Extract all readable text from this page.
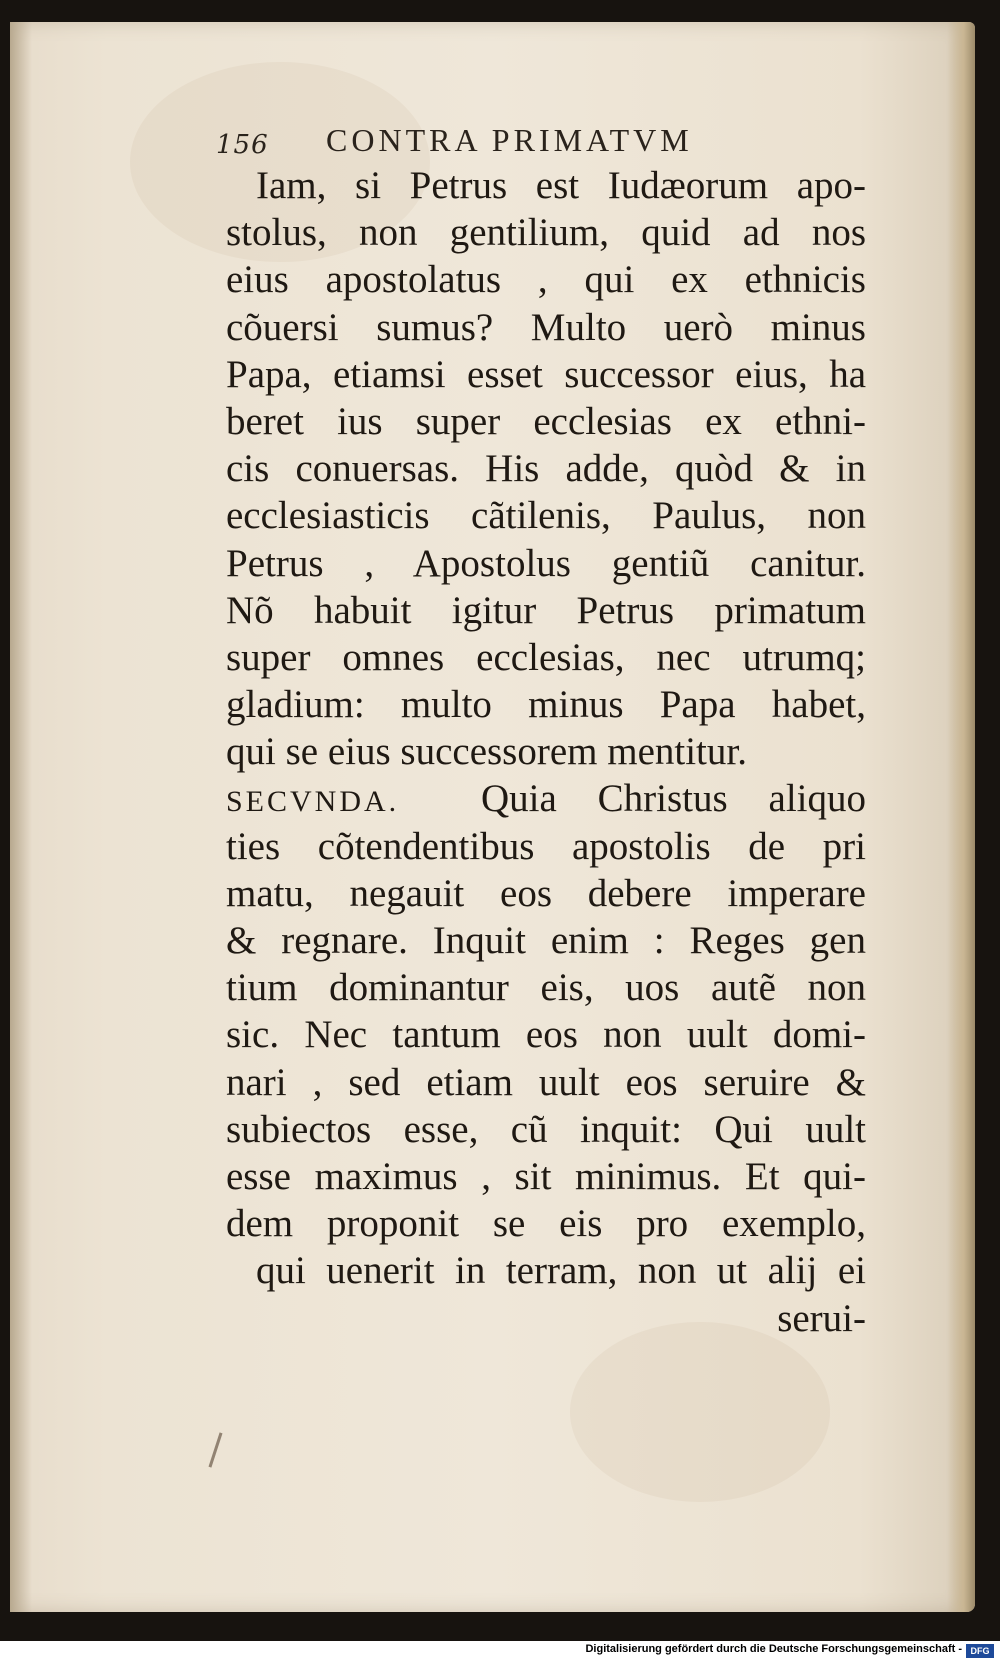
156 CONTRA PRIMATVM
Iam, si Petrus est Iudæorum apo-
stolus, non gentilium, quid ad nos
eius apostolatus , qui ex ethnicis
cõuersi sumus? Multo uerò minus
Papa, etiamsi esset successor eius, ha
beret ius super ecclesias ex ethni-
cis conuersas. His adde, quòd & in
ecclesiasticis cãtilenis, Paulus, non
Petrus , Apostolus gentiũ canitur.
Nõ habuit igitur Petrus primatum
super omnes ecclesias, nec utrumq;
gladium: multo minus Papa habet,
qui se eius successorem mentitur.
SECVNDA. Quia Christus aliquo
ties cõtendentibus apostolis de pri
matu, negauit eos debere imperare
& regnare. Inquit enim : Reges gen
tium dominantur eis, uos autẽ non
sic. Nec tantum eos non uult domi-
nari , sed etiam uult eos seruire &
subiectos esse, cũ inquit: Qui uult
esse maximus , sit minimus. Et qui-
dem proponit se eis pro exemplo,
qui uenerit in terram, non ut alij ei
serui-
Digitalisierung gefördert durch die Deutsche Forschungsgemeinschaft - DFG
